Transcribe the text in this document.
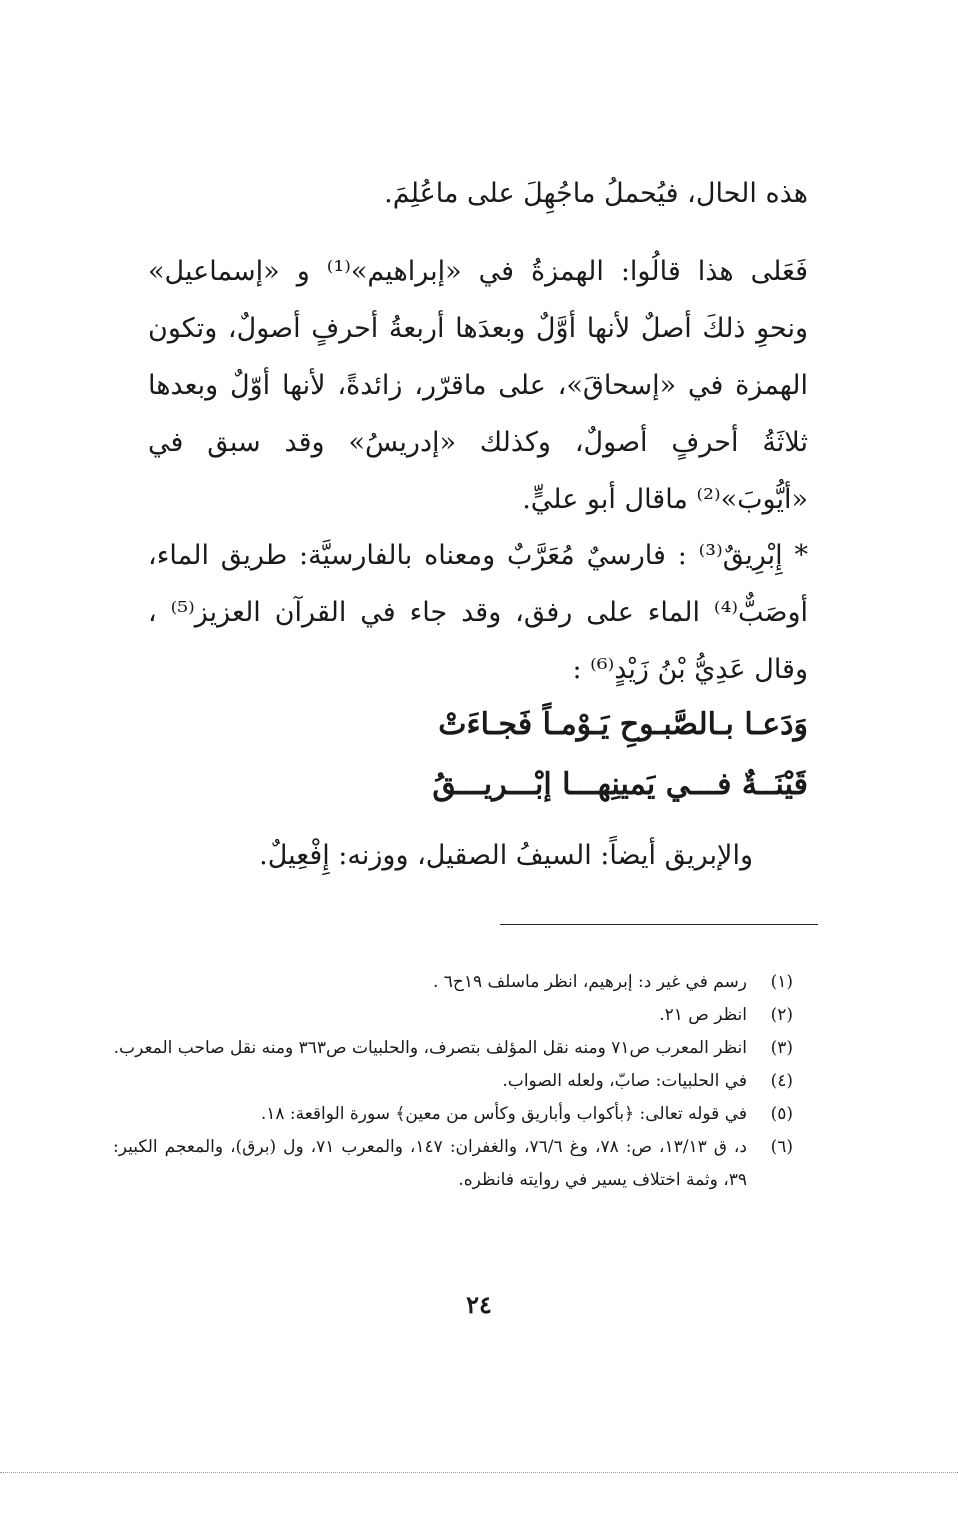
هذه الحال، فيُحملُ ماجُهِلَ على ماعُلِمَ.
فَعَلى هذا قالُوا: الهمزةُ في «إبراهيم»⁽¹⁾ و «إسماعيل» ونحوِ ذلكَ أصلٌ لأنها أوَّلٌ وبعدَها أربعةُ أحرفٍ أصولٌ، وتكون الهمزة في «إسحاقَ»، على ماقرّر، زائدةً، لأنها أوّلٌ وبعدها ثلاثَةُ أحرفٍ أصولٌ، وكذلك «إدريسُ» وقد سبق في «أيُّوبَ»⁽²⁾ ماقال أبو عليٍّ.
* إِبْرِيقٌ⁽³⁾ : فارسيٌ مُعَرَّبٌ ومعناه بالفارسيَّة: طريق الماء، أوصَبٌّ⁽⁴⁾ الماء على رفق، وقد جاء في القرآن العزيز⁽⁵⁾ ، وقال عَدِيُّ بْنُ زَيْدٍ⁽⁶⁾ :
وَدَعـا بـالصَّبـوحِ يَـوْمـاً فَجـاءَتْ
قَيْنَــةٌ فـــي يَمينِهـــا إبْـــريـــقُ
والإبريق أيضاً: السيفُ الصقيل، ووزنه: إِفْعِيلٌ.
(١)
رسم في غير د: إبرهيم، انظر ماسلف ١٩ح٦ .
(٢)
انظر ص ٢١.
(٣)
انظر المعرب ص٧١ ومنه نقل المؤلف بتصرف، والحلبيات ص٣٦٣ ومنه نقل صاحب المعرب.
(٤)
في الحلبيات: صابّ، ولعله الصواب.
(٥)
في قوله تعالى: ﴿بأكواب وأباريق وكأس من معين﴾ سورة الواقعة: ١٨.
(٦)
د، ق ١٣/١٣، ص: ٧٨، وغ ٧٦/٦، والغفران: ١٤٧، والمعرب ٧١، ول (برق)، والمعجم الكبير: ٣٩، وثمة اختلاف يسير في روايته فانظره.
٢٤
